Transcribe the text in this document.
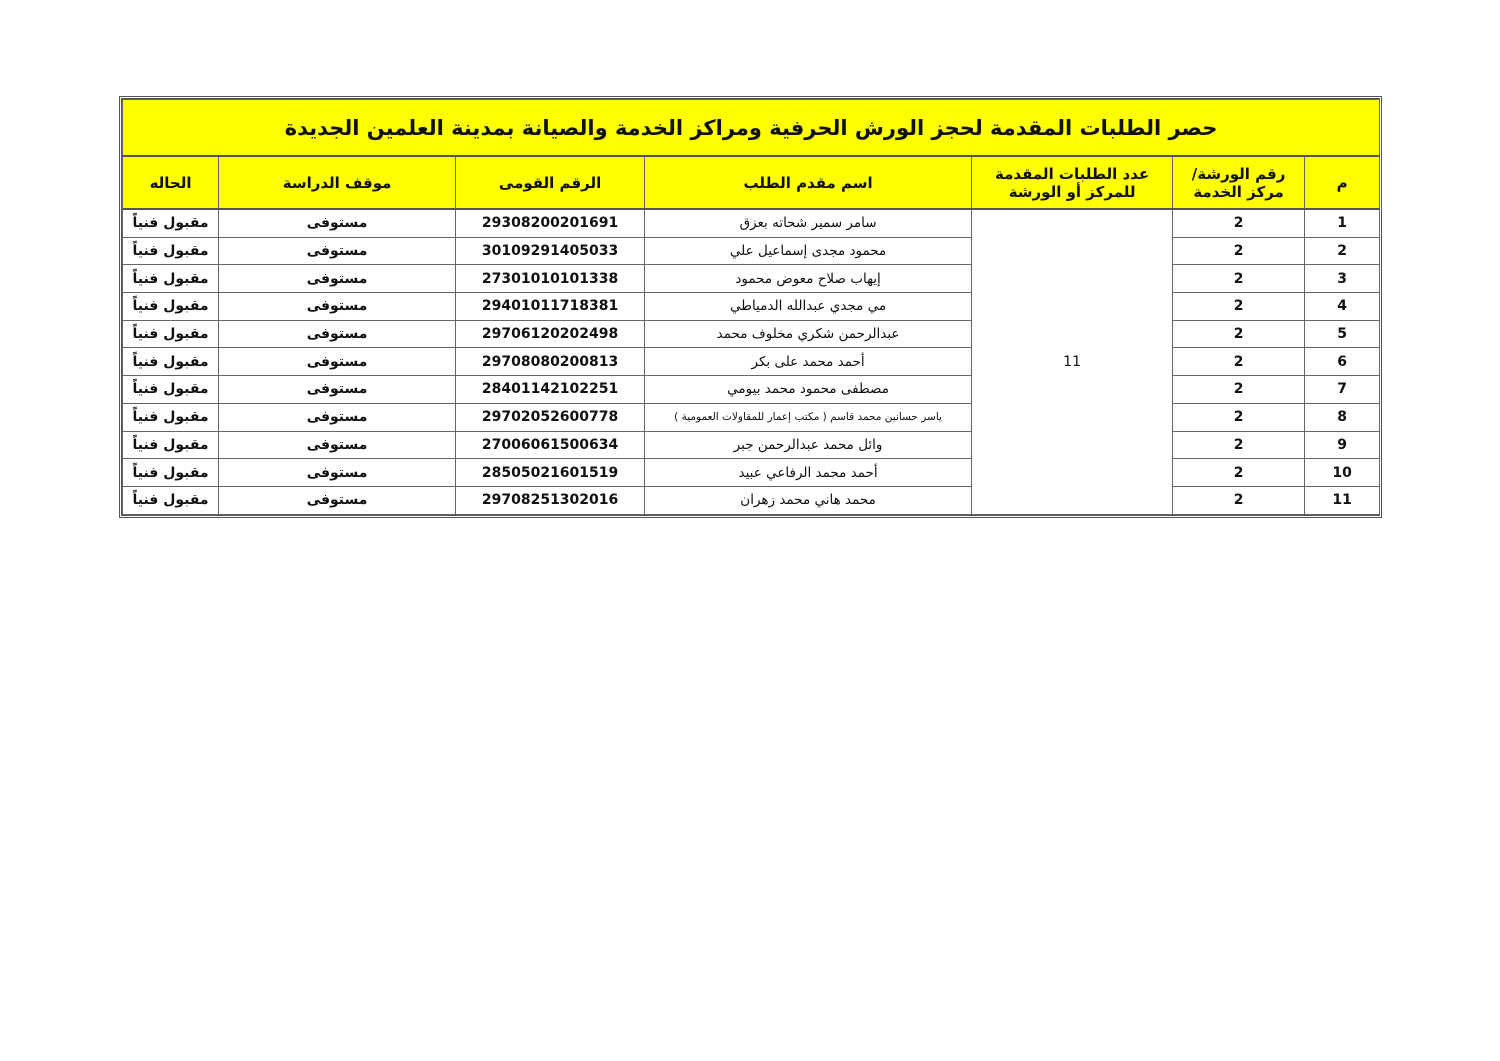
حصر الطلبات المقدمة لحجز الورش الحرفية ومراكز الخدمة والصيانة بمدينة العلمين الجديدة						
م	رقم الورشة/ مركز الخدمة	عدد الطلبات المقدمة للمركز أو الورشة	اسم مقدم الطلب	الرقم القومى	موقف الدراسة	الحاله
1	2	11	سامر سمير شحاته بعزق	29308200201691	مستوفى	مقبول فنياً
2	2		محمود مجدى إسماعيل علي	30109291405033	مستوفى	مقبول فنياً
3	2		إيهاب صلاح معوض محمود	27301010101338	مستوفى	مقبول فنياً
4	2		مي مجدي عبدالله الدمياطي	29401011718381	مستوفى	مقبول فنياً
5	2		عبدالرحمن شكري مخلوف محمد	29706120202498	مستوفى	مقبول فنياً
6	2		أحمد محمد على بكر	29708080200813	مستوفى	مقبول فنياً
7	2		مصطفى محمود محمد بيومي	28401142102251	مستوفى	مقبول فنياً
8	2		ياسر حسانين محمد قاسم ( مكتب إعمار للمقاولات العمومية )	29702052600778	مستوفى	مقبول فنياً
9	2		وائل محمد عبدالرحمن جبر	27006061500634	مستوفى	مقبول فنياً
10	2		أحمد محمد الرفاعي عبيد	28505021601519	مستوفى	مقبول فنياً
11	2		محمد هاني محمد زهران	29708251302016	مستوفى	مقبول فنياً
